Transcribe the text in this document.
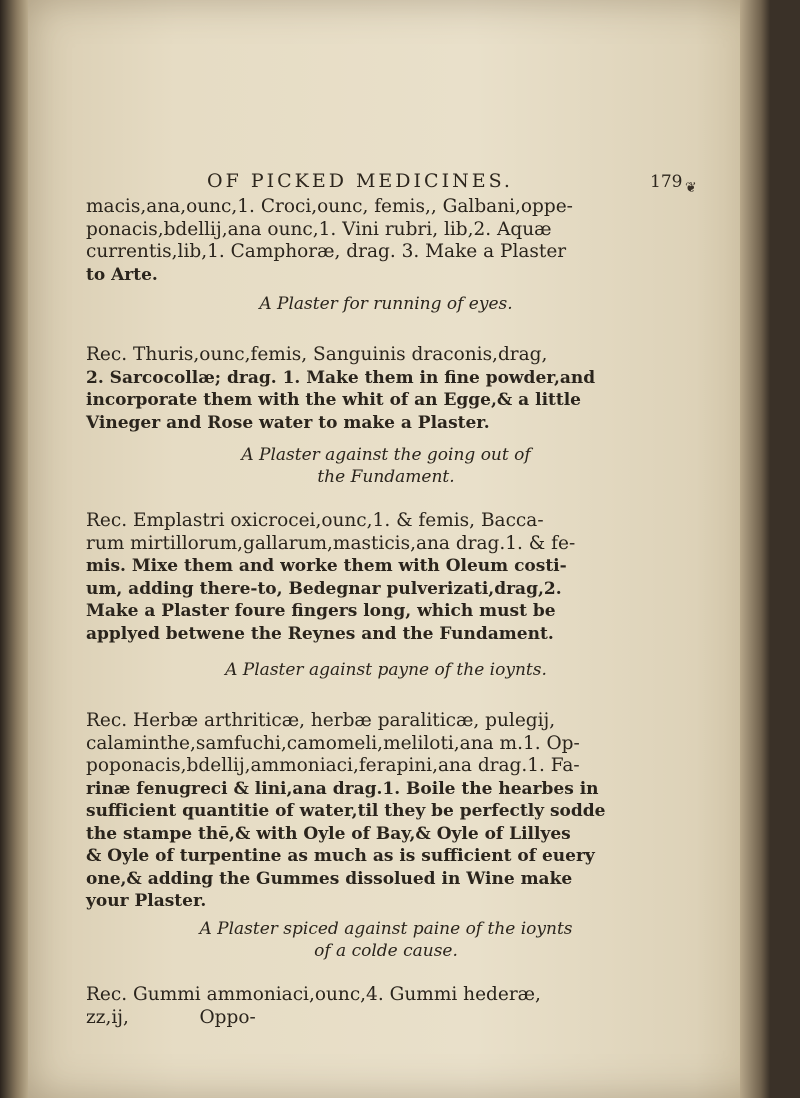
OF PICKED MEDICINES.	179 ❦

macis,ana,ounc,1. Croci,ounc, femis,, Galbani,oppe-

ponacis,bdellij,ana ounc,1. Vini rubri, lib,2. Aquæ

currentis,lib,1. Camphoræ, drag. 3. Make a Plaster

to Arte.

A Plaster for running of eyes.

Rec. Thuris,ounc,femis, Sanguinis draconis,drag,

2. Sarcocollæ; drag. 1. Make them in fine powder,and

incorporate them with the whit of an Egge,& a little

Vineger and Rose water to make a Plaster.

A Plaster against the going out of

the Fundament.

Rec. Emplastri oxicrocei,ounc,1. & femis, Bacca-

rum mirtillorum,gallarum,masticis,ana drag.1. & fe-

mis. Mixe them and worke them with Oleum costi-

um, adding there-to, Bedegnar pulverizati,drag,2.

Make a Plaster foure fingers long, which must be

applyed betwene the Reynes and the Fundament.

A Plaster against payne of the ioynts.

Rec. Herbæ arthriticæ, herbæ paraliticæ, pulegij,

calaminthe,samfuchi,camomeli,meliloti,ana m.1. Op-

poponacis,bdellij,ammoniaci,ferapini,ana drag.1. Fa-

rinæ fenugreci & lini,ana drag.1. Boile the hearbes in

sufficient quantitie of water,til they be perfectly sodde

the stampe thē,& with Oyle of Bay,& Oyle of Lillyes

& Oyle of turpentine as much as is sufficient of euery

one,& adding the Gummes dissolued in Wine make

your Plaster.

A Plaster spiced against paine of the ioynts

of a colde cause.

Rec. Gummi ammoniaci,ounc,4. Gummi hederæ,

zz,ij,            Oppo-
